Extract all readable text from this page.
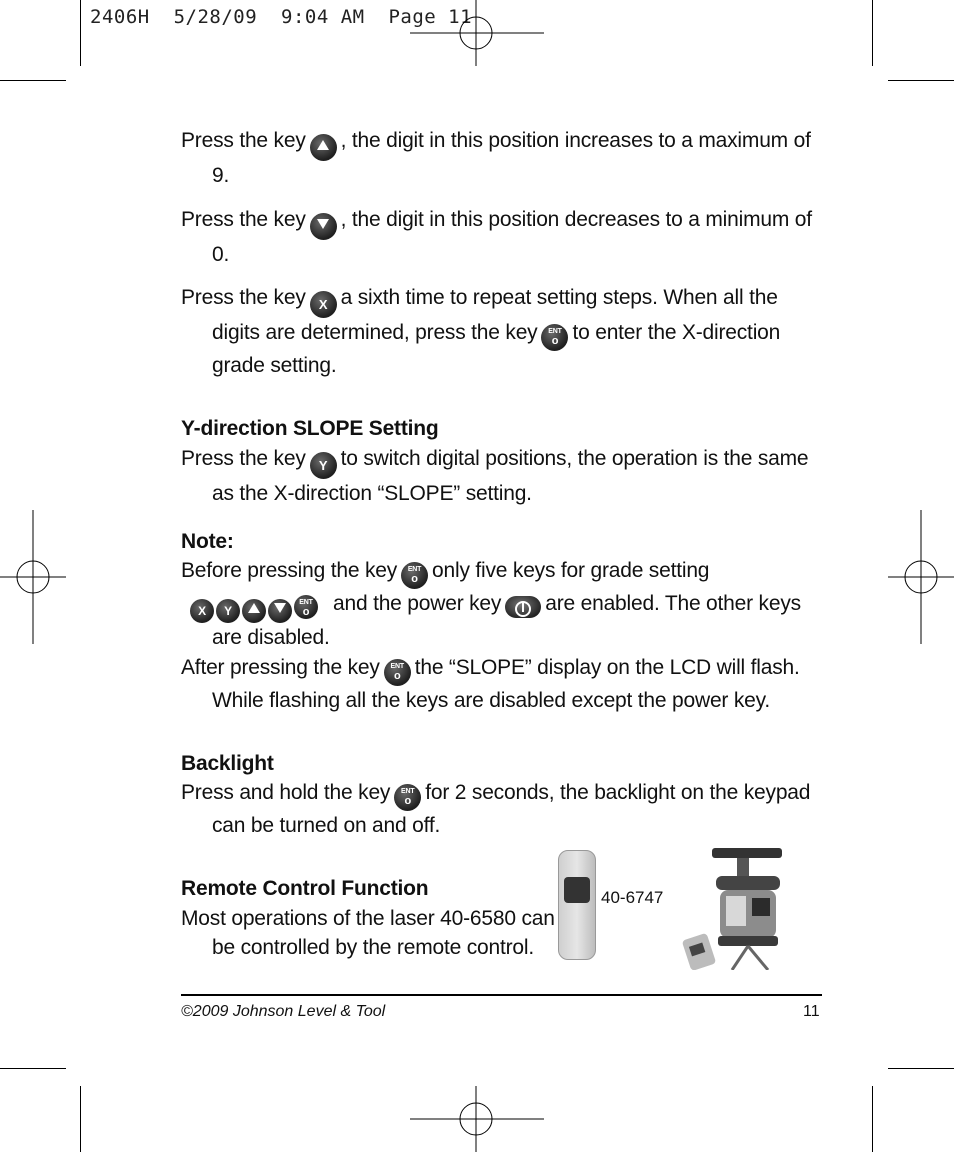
2406H  5/28/09  9:04 AM  Page 11

Press the key , the digit in this position increases to a maximum of 9.

Press the key , the digit in this position decreases to a minimum of 0.

Press the key X a sixth time to repeat setting steps. When all the digits are determined, press the key ENT
o to enter the X-direction grade setting.

Y-direction SLOPE Setting

Press the key Y to switch digital positions, the operation is the same as the X-direction “SLOPE” setting.

Note:

Before pressing the key ENT
o only five keys for grade setting X YENT
o	and the power key are enabled. The other keys are disabled.

After pressing the key ENT
o the “SLOPE” display on the LCD will flash. While flashing all the keys are disabled except the power key.

Backlight

Press and hold the key ENT
o for 2 seconds, the backlight on the keypad can be turned on and off.

Remote Control Function

Most operations of the laser 40-6580 can be controlled by the remote control.

40-6747
©2009 Johnson Level & Tool	11
